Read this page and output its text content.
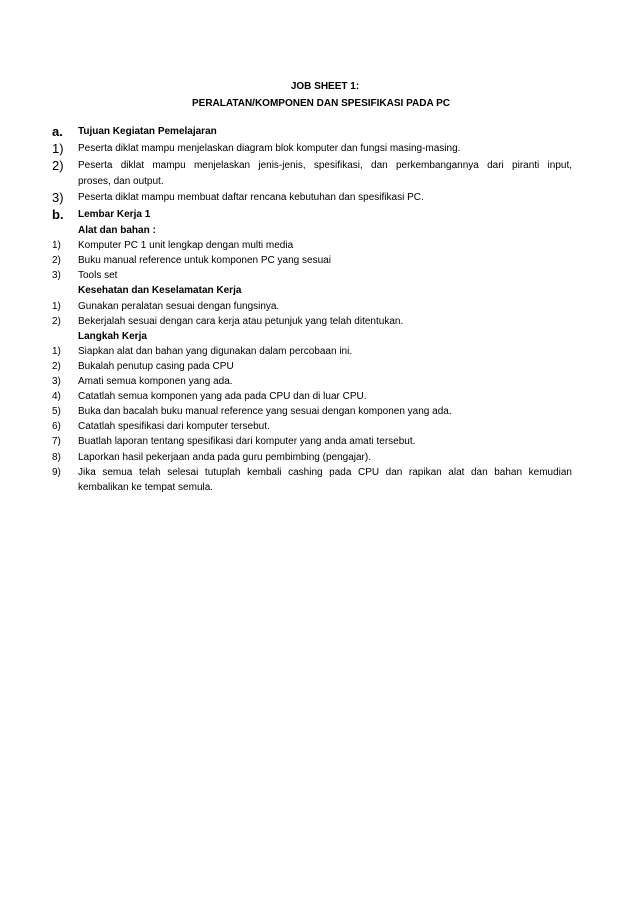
JOB SHEET 1:
PERALATAN/KOMPONEN DAN SPESIFIKASI PADA PC
a. Tujuan Kegiatan Pemelajaran
1) Peserta diklat mampu menjelaskan diagram blok komputer dan fungsi masing-masing.
2) Peserta diklat mampu menjelaskan jenis-jenis, spesifikasi, dan perkembangannya dari piranti input,
proses, dan output.
3) Peserta diklat mampu membuat daftar rencana kebutuhan dan spesifikasi PC.
b. Lembar Kerja 1
Alat dan bahan :
1) Komputer PC 1 unit lengkap dengan multi media
2) Buku manual reference untuk komponen PC yang sesuai
3) Tools set
Kesehatan dan Keselamatan Kerja
1) Gunakan peralatan sesuai dengan fungsinya.
2) Bekerjalah sesuai dengan cara kerja atau petunjuk yang telah ditentukan.
Langkah Kerja
1) Siapkan alat dan bahan yang digunakan dalam percobaan ini.
2) Bukalah penutup casing pada CPU
3) Amati semua komponen yang ada.
4) Catatlah semua komponen yang ada pada CPU dan di luar CPU.
5) Buka dan bacalah buku manual reference yang sesuai dengan komponen yang ada.
6) Catatlah spesifikasi dari komputer tersebut.
7) Buatlah laporan tentang spesifikasi dari komputer yang anda amati tersebut.
8) Laporkan hasil pekerjaan anda pada guru pembimbing (pengajar).
9) Jika semua telah selesai tutuplah kembali cashing pada CPU dan rapikan alat dan bahan kemudian
kembalikan ke tempat semula.
